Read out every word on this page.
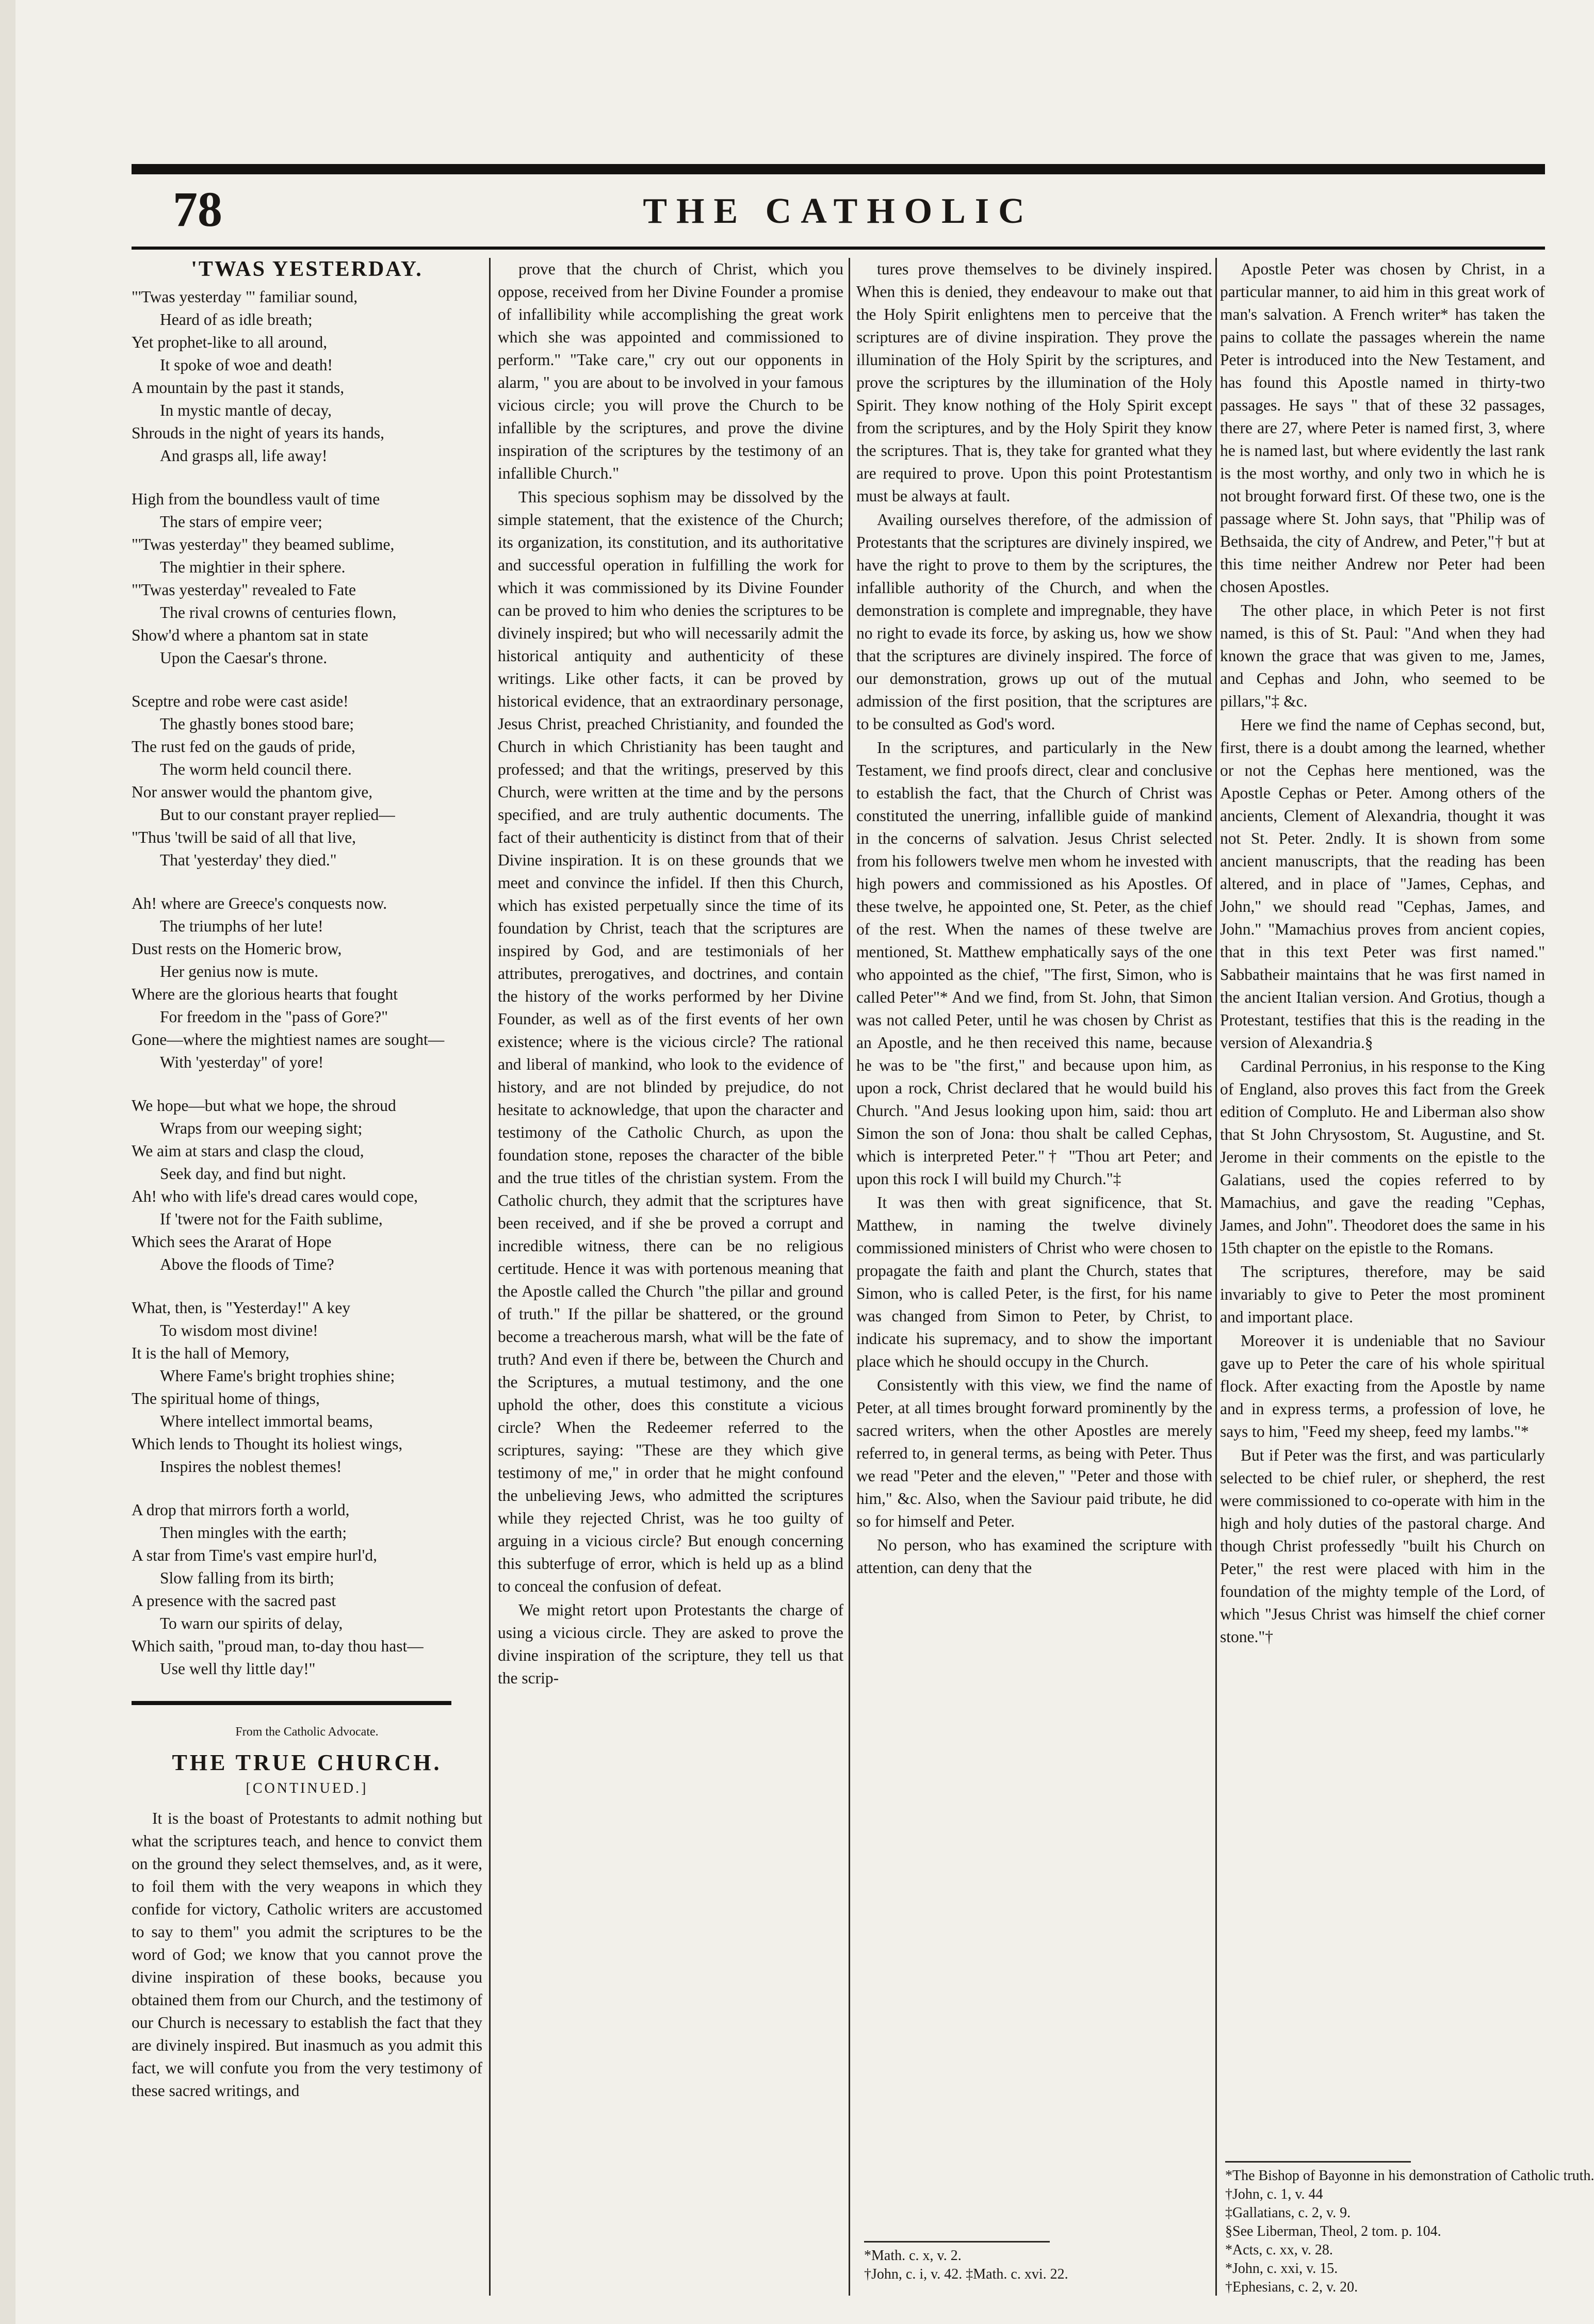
78	THE CATHOLIC
'TWAS YESTERDAY.
"'Twas yesterday "' familiar sound,
Heard of as idle breath;
Yet prophet-like to all around,
It spoke of woe and death!
A mountain by the past it stands,
In mystic mantle of decay,
Shrouds in the night of years its hands,
And grasps all, life away!
High from the boundless vault of time
The stars of empire veer;
"'Twas yesterday" they beamed sublime,
The mightier in their sphere.
"'Twas yesterday" revealed to Fate
The rival crowns of centuries flown,
Show'd where a phantom sat in state
Upon the Caesar's throne.
Sceptre and robe were cast aside!
The ghastly bones stood bare;
The rust fed on the gauds of pride,
The worm held council there.
Nor answer would the phantom give,
But to our constant prayer replied—
"Thus 'twill be said of all that live,
That 'yesterday' they died."
Ah! where are Greece's conquests now.
The triumphs of her lute!
Dust rests on the Homeric brow,
Her genius now is mute.
Where are the glorious hearts that fought
For freedom in the "pass of Gore?"
Gone—where the mightiest names are sought—
With 'yesterday" of yore!
We hope—but what we hope, the shroud
Wraps from our weeping sight;
We aim at stars and clasp the cloud,
Seek day, and find but night.
Ah! who with life's dread cares would cope,
If 'twere not for the Faith sublime,
Which sees the Ararat of Hope
Above the floods of Time?
What, then, is "Yesterday!" A key
To wisdom most divine!
It is the hall of Memory,
Where Fame's bright trophies shine;
The spiritual home of things,
Where intellect immortal beams,
Which lends to Thought its holiest wings,
Inspires the noblest themes!
A drop that mirrors forth a world,
Then mingles with the earth;
A star from Time's vast empire hurl'd,
Slow falling from its birth;
A presence with the sacred past
To warn our spirits of delay,
Which saith, "proud man, to-day thou hast—
Use well thy little day!"
From the Catholic Advocate.
THE TRUE CHURCH.
[CONTINUED.]

It is the boast of Protestants to admit nothing but what the scriptures teach, and hence to convict them on the ground they select themselves, and, as it were, to foil them with the very weapons in which they confide for victory, Catholic writers are accustomed to say to them" you admit the scriptures to be the word of God; we know that you cannot prove the divine inspiration of these books, because you obtained them from our Church, and the testimony of our Church is necessary to establish the fact that they are divinely inspired. But inasmuch as you admit this fact, we will confute you from the very testimony of these sacred writings, and

prove that the church of Christ, which you oppose, received from her Divine Founder a promise of infallibility while accomplishing the great work which she was appointed and commissioned to perform." "Take care," cry out our opponents in alarm, " you are about to be involved in your famous vicious circle; you will prove the Church to be infallible by the scriptures, and prove the divine inspiration of the scriptures by the testimony of an infallible Church."

This specious sophism may be dissolved by the simple statement, that the existence of the Church; its organization, its constitution, and its authoritative and successful operation in fulfilling the work for which it was commissioned by its Divine Founder can be proved to him who denies the scriptures to be divinely inspired; but who will necessarily admit the historical antiquity and authenticity of these writings. Like other facts, it can be proved by historical evidence, that an extraordinary personage, Jesus Christ, preached Christianity, and founded the Church in which Christianity has been taught and professed; and that the writings, preserved by this Church, were written at the time and by the persons specified, and are truly authentic documents. The fact of their authenticity is distinct from that of their Divine inspiration. It is on these grounds that we meet and convince the infidel. If then this Church, which has existed perpetually since the time of its foundation by Christ, teach that the scriptures are inspired by God, and are testimonials of her attributes, prerogatives, and doctrines, and contain the history of the works performed by her Divine Founder, as well as of the first events of her own existence; where is the vicious circle? The rational and liberal of mankind, who look to the evidence of history, and are not blinded by prejudice, do not hesitate to acknowledge, that upon the character and testimony of the Catholic Church, as upon the foundation stone, reposes the character of the bible and the true titles of the christian system. From the Catholic church, they admit that the scriptures have been received, and if she be proved a corrupt and incredible witness, there can be no religious certitude. Hence it was with portenous meaning that the Apostle called the Church "the pillar and ground of truth." If the pillar be shattered, or the ground become a treacherous marsh, what will be the fate of truth? And even if there be, between the Church and the Scriptures, a mutual testimony, and the one uphold the other, does this constitute a vicious circle? When the Redeemer referred to the scriptures, saying: "These are they which give testimony of me," in order that he might confound the unbelieving Jews, who admitted the scriptures while they rejected Christ, was he too guilty of arguing in a vicious circle? But enough concerning this subterfuge of error, which is held up as a blind to conceal the confusion of defeat.

We might retort upon Protestants the charge of using a vicious circle. They are asked to prove the divine inspiration of the scripture, they tell us that the scrip-

tures prove themselves to be divinely inspired. When this is denied, they endeavour to make out that the Holy Spirit enlightens men to perceive that the scriptures are of divine inspiration. They prove the illumination of the Holy Spirit by the scriptures, and prove the scriptures by the illumination of the Holy Spirit. They know nothing of the Holy Spirit except from the scriptures, and by the Holy Spirit they know the scriptures. That is, they take for granted what they are required to prove. Upon this point Protestantism must be always at fault.

Availing ourselves therefore, of the admission of Protestants that the scriptures are divinely inspired, we have the right to prove to them by the scriptures, the infallible authority of the Church, and when the demonstration is complete and impregnable, they have no right to evade its force, by asking us, how we show that the scriptures are divinely inspired. The force of our demonstration, grows up out of the mutual admission of the first position, that the scriptures are to be consulted as God's word.

In the scriptures, and particularly in the New Testament, we find proofs direct, clear and conclusive to establish the fact, that the Church of Christ was constituted the unerring, infallible guide of mankind in the concerns of salvation. Jesus Christ selected from his followers twelve men whom he invested with high powers and commissioned as his Apostles. Of these twelve, he appointed one, St. Peter, as the chief of the rest. When the names of these twelve are mentioned, St. Matthew emphatically says of the one who appointed as the chief, "The first, Simon, who is called Peter"* And we find, from St. John, that Simon was not called Peter, until he was chosen by Christ as an Apostle, and he then received this name, because he was to be "the first," and because upon him, as upon a rock, Christ declared that he would build his Church. "And Jesus looking upon him, said: thou art Simon the son of Jona: thou shalt be called Cephas, which is interpreted Peter."† "Thou art Peter; and upon this rock I will build my Church."‡

It was then with great significence, that St. Matthew, in naming the twelve divinely commissioned ministers of Christ who were chosen to propagate the faith and plant the Church, states that Simon, who is called Peter, is the first, for his name was changed from Simon to Peter, by Christ, to indicate his supremacy, and to show the important place which he should occupy in the Church.

Consistently with this view, we find the name of Peter, at all times brought forward prominently by the sacred writers, when the other Apostles are merely referred to, in general terms, as being with Peter. Thus we read "Peter and the eleven," "Peter and those with him," &c. Also, when the Saviour paid tribute, he did so for himself and Peter.

No person, who has examined the scripture with attention, can deny that the

*Math. c. x, v. 2.
†John, c. i, v. 42. ‡Math. c. xvi. 22.

Apostle Peter was chosen by Christ, in a particular manner, to aid him in this great work of man's salvation. A French writer* has taken the pains to collate the passages wherein the name Peter is introduced into the New Testament, and has found this Apostle named in thirty-two passages. He says " that of these 32 passages, there are 27, where Peter is named first, 3, where he is named last, but where evidently the last rank is the most worthy, and only two in which he is not brought forward first. Of these two, one is the passage where St. John says, that "Philip was of Bethsaida, the city of Andrew, and Peter,"† but at this time neither Andrew nor Peter had been chosen Apostles.

The other place, in which Peter is not first named, is this of St. Paul: "And when they had known the grace that was given to me, James, and Cephas and John, who seemed to be pillars,"‡ &c.

Here we find the name of Cephas second, but, first, there is a doubt among the learned, whether or not the Cephas here mentioned, was the Apostle Cephas or Peter. Among others of the ancients, Clement of Alexandria, thought it was not St. Peter. 2ndly. It is shown from some ancient manuscripts, that the reading has been altered, and in place of "James, Cephas, and John," we should read "Cephas, James, and John." "Mamachius proves from ancient copies, that in this text Peter was first named." Sabbatheir maintains that he was first named in the ancient Italian version. And Grotius, though a Protestant, testifies that this is the reading in the version of Alexandria.§

Cardinal Perronius, in his response to the King of England, also proves this fact from the Greek edition of Compluto. He and Liberman also show that St John Chrysostom, St. Augustine, and St. Jerome in their comments on the epistle to the Galatians, used the copies referred to by Mamachius, and gave the reading "Cephas, James, and John". Theodoret does the same in his 15th chapter on the epistle to the Romans.

The scriptures, therefore, may be said invariably to give to Peter the most prominent and important place.

Moreover it is undeniable that no Saviour gave up to Peter the care of his whole spiritual flock. After exacting from the Apostle by name and in express terms, a profession of love, he says to him, "Feed my sheep, feed my lambs."*

But if Peter was the first, and was particularly selected to be chief ruler, or shepherd, the rest were commissioned to co-operate with him in the high and holy duties of the pastoral charge. And though Christ professedly "built his Church on Peter," the rest were placed with him in the foundation of the mighty temple of the Lord, of which "Jesus Christ was himself the chief corner stone."†

*The Bishop of Bayonne in his demonstration of Catholic truth.
†John, c. 1, v. 44
‡Gallatians, c. 2, v. 9.
§See Liberman, Theol, 2 tom. p. 104.
*Acts, c. xx, v. 28.
*John, c. xxi, v. 15.
†Ephesians, c. 2, v. 20.
